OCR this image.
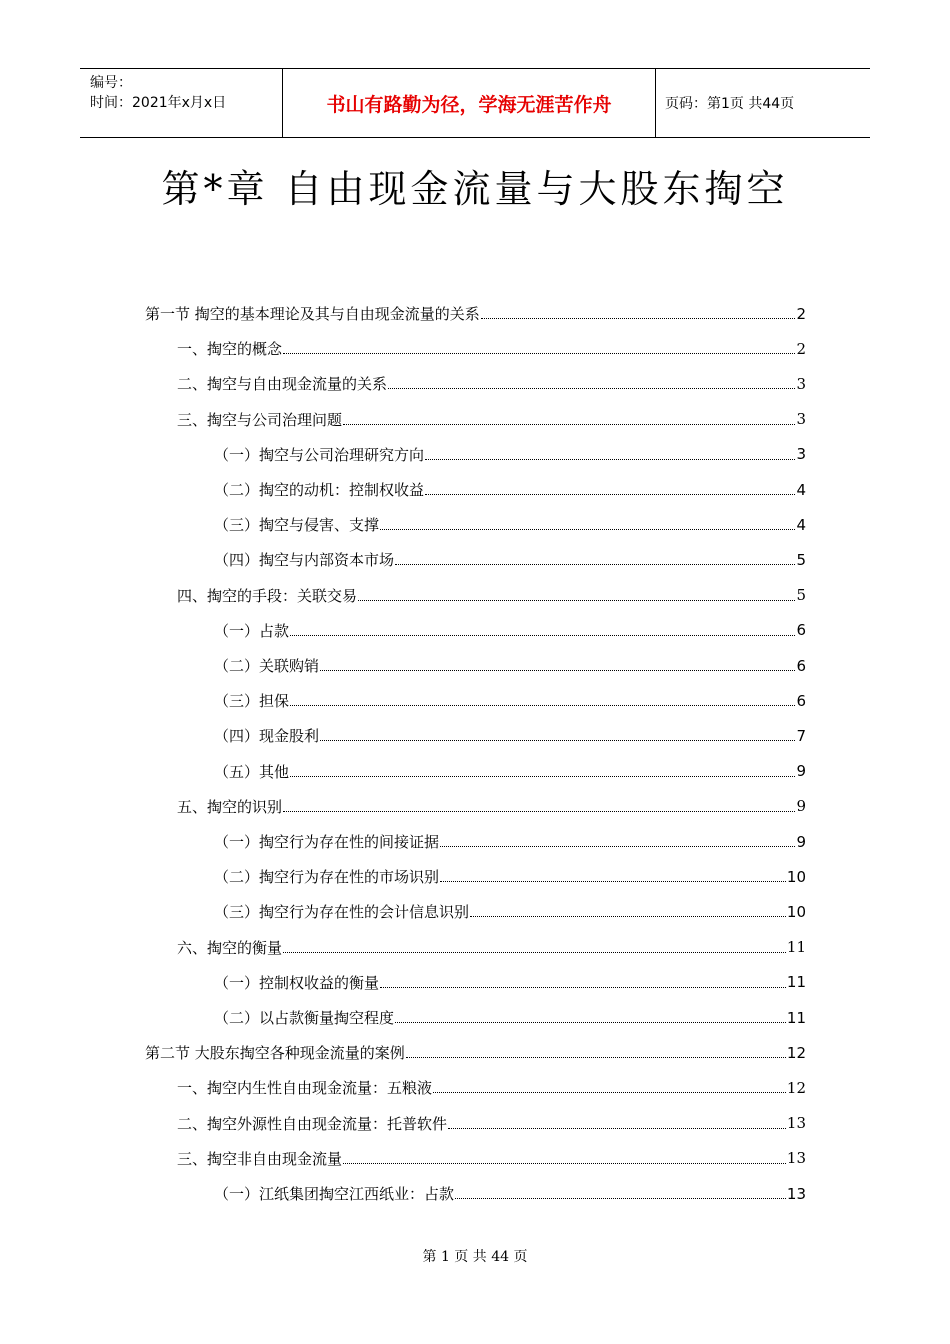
编号：
时间：2021年x月x日	书山有路勤为径，学海无涯苦作舟	页码：第1页 共44页
第*章 自由现金流量与大股东掏空
第一节 掏空的基本理论及其与自由现金流量的关系	2
一、掏空的概念	2
二、掏空与自由现金流量的关系	3
三、掏空与公司治理问题	3
（一）掏空与公司治理研究方向	3
（二）掏空的动机：控制权收益	4
（三）掏空与侵害、支撑	4
（四）掏空与内部资本市场	5
四、掏空的手段：关联交易	5
（一）占款	6
（二）关联购销	6
（三）担保	6
（四）现金股利	7
（五）其他	9
五、掏空的识别	9
（一）掏空行为存在性的间接证据	9
（二）掏空行为存在性的市场识别	10
（三）掏空行为存在性的会计信息识别	10
六、掏空的衡量	11
（一）控制权收益的衡量	11
（二）以占款衡量掏空程度	11
第二节 大股东掏空各种现金流量的案例	12
一、掏空内生性自由现金流量：五粮液	12
二、掏空外源性自由现金流量：托普软件	13
三、掏空非自由现金流量	13
（一）江纸集团掏空江西纸业：占款	13
第 1 页 共 44 页
